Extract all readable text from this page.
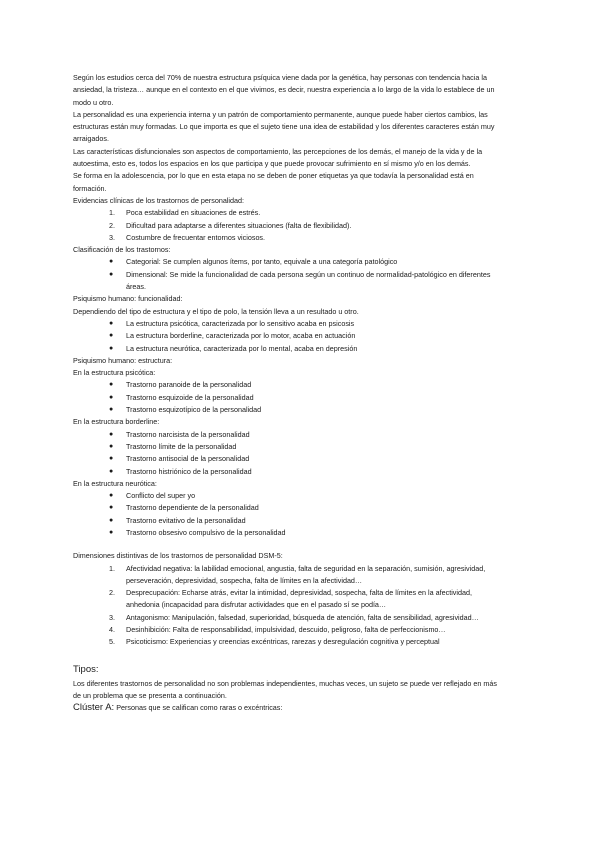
Según los estudios cerca del 70% de nuestra estructura psíquica viene dada por la genética, hay personas con tendencia hacia la ansiedad, la tristeza… aunque en el contexto en el que vivimos, es decir, nuestra experiencia a lo largo de la vida lo establece de un modo u otro.

La personalidad es una experiencia interna y un patrón de comportamiento permanente, aunque puede haber ciertos cambios, las estructuras están muy formadas. Lo que importa es que el sujeto tiene una idea de estabilidad y los diferentes caracteres están muy arraigados.

Las características disfuncionales son aspectos de comportamiento, las percepciones de los demás, el manejo de la vida y de la autoestima, esto es, todos los espacios en los que participa y que puede provocar sufrimiento en sí mismo y/o en los demás.

Se forma en la adolescencia, por lo que en esta etapa no se deben de poner etiquetas ya que todavía la personalidad está en formación.

Evidencias clínicas de los trastornos de personalidad:

1. Poca estabilidad en situaciones de estrés.
2. Dificultad para adaptarse a diferentes situaciones (falta de flexibilidad).
3. Costumbre de frecuentar entornos viciosos.

Clasificación de los trastornos:

● Categorial: Se cumplen algunos ítems, por tanto, equivale a una categoría patológico
● Dimensional: Se mide la funcionalidad de cada persona según un continuo de normalidad-patológico en diferentes áreas.

Psiquismo humano: funcionalidad:

Dependiendo del tipo de estructura y el tipo de polo, la tensión lleva a un resultado u otro.

● La estructura psicótica, caracterizada por lo sensitivo acaba en psicosis
● La estructura borderline, caracterizada por lo motor, acaba en actuación
● La estructura neurótica, caracterizada por lo mental, acaba en depresión

Psiquismo humano: estructura:

En la estructura psicótica:

● Trastorno paranoide de la personalidad
● Trastorno esquizoide de la personalidad
● Trastorno esquizotípico de la personalidad

En la estructura borderline:

● Trastorno narcisista de la personalidad
● Trastorno límite de la personalidad
● Trastorno antisocial de la personalidad
● Trastorno histriónico de la personalidad

En la estructura neurótica:

● Conflicto del super yo
● Trastorno dependiente de la personalidad
● Trastorno evitativo de la personalidad
● Trastorno obsesivo compulsivo de la personalidad

Dimensiones distintivas de los trastornos de personalidad DSM-5:

1. Afectividad negativa: la labilidad emocional, angustia, falta de seguridad en la separación, sumisión, agresividad, perseveración, depresividad, sospecha, falta de límites en la afectividad…
2. Desprecupación: Echarse atrás, evitar la intimidad, depresividad, sospecha, falta de límites en la afectividad, anhedonia (incapacidad para disfrutar actividades que en el pasado sí se podía…
3. Antagonismo: Manipulación, falsedad, superioridad, búsqueda de atención, falta de sensibilidad, agresividad…
4. Desinhibición: Falta de responsabilidad, impulsividad, descuido, peligroso, falta de perfeccionismo…
5. Psicoticismo: Experiencias y creencias excéntricas, rarezas y desregulación cognitiva y perceptual
Tipos:

Los diferentes trastornos de personalidad no son problemas independientes, muchas veces, un sujeto se puede ver reflejado en más de un problema que se presenta a continuación.

Clúster A: Personas que se califican como raras o excéntricas:
